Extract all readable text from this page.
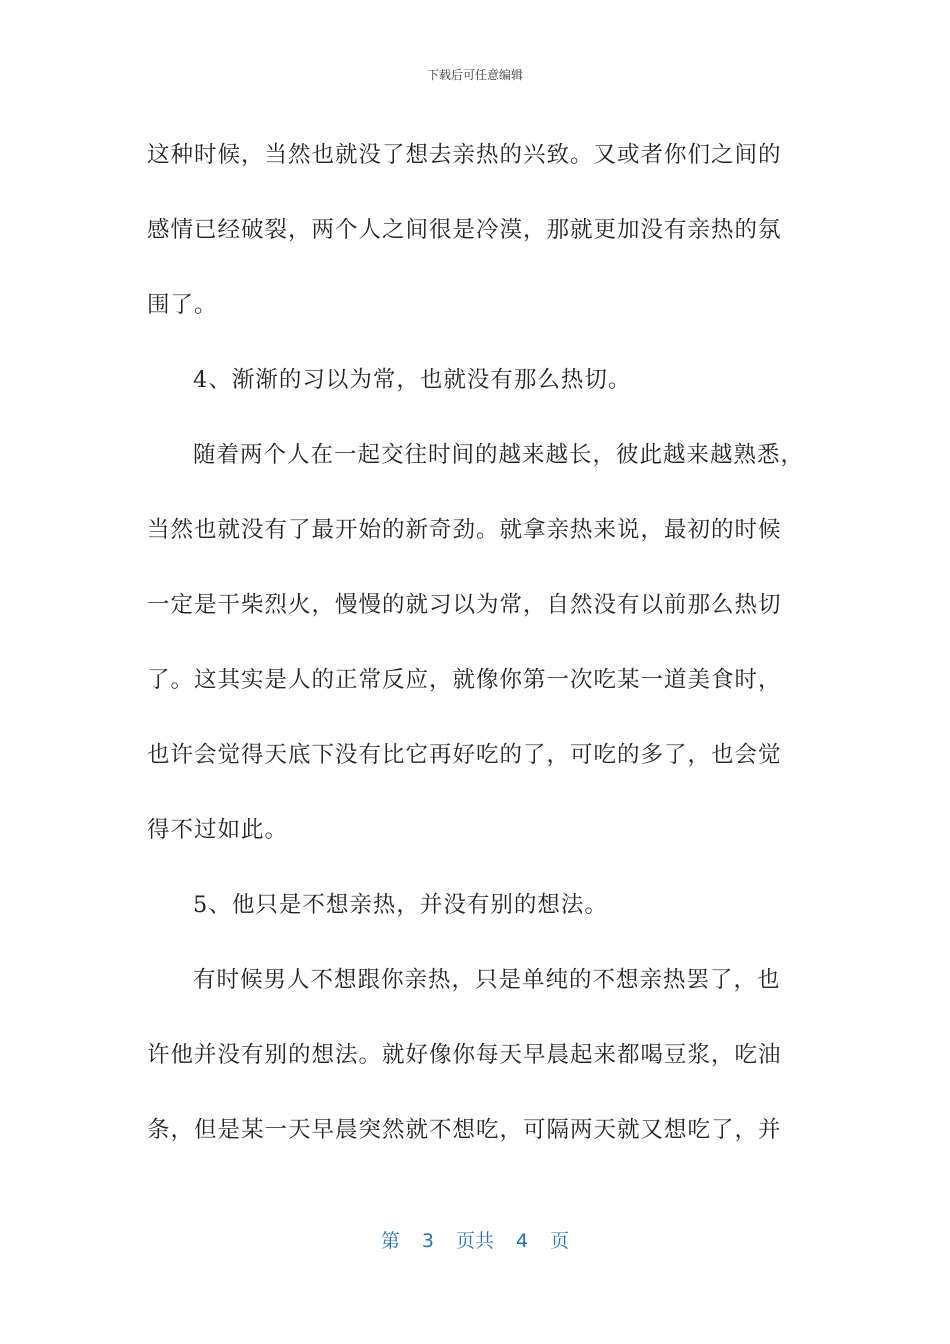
下载后可任意编辑
这种时候，当然也就没了想去亲热的兴致。又或者你们之间的
感情已经破裂，两个人之间很是冷漠，那就更加没有亲热的氛
围了。
4、渐渐的习以为常，也就没有那么热切。
随着两个人在一起交往时间的越来越长，彼此越来越熟悉，
当然也就没有了最开始的新奇劲。就拿亲热来说，最初的时候
一定是干柴烈火，慢慢的就习以为常，自然没有以前那么热切
了。这其实是人的正常反应，就像你第一次吃某一道美食时，
也许会觉得天底下没有比它再好吃的了，可吃的多了，也会觉
得不过如此。
5、他只是不想亲热，并没有别的想法。
有时候男人不想跟你亲热，只是单纯的不想亲热罢了，也
许他并没有别的想法。就好像你每天早晨起来都喝豆浆，吃油
条，但是某一天早晨突然就不想吃，可隔两天就又想吃了，并
第 3 页共 4 页
